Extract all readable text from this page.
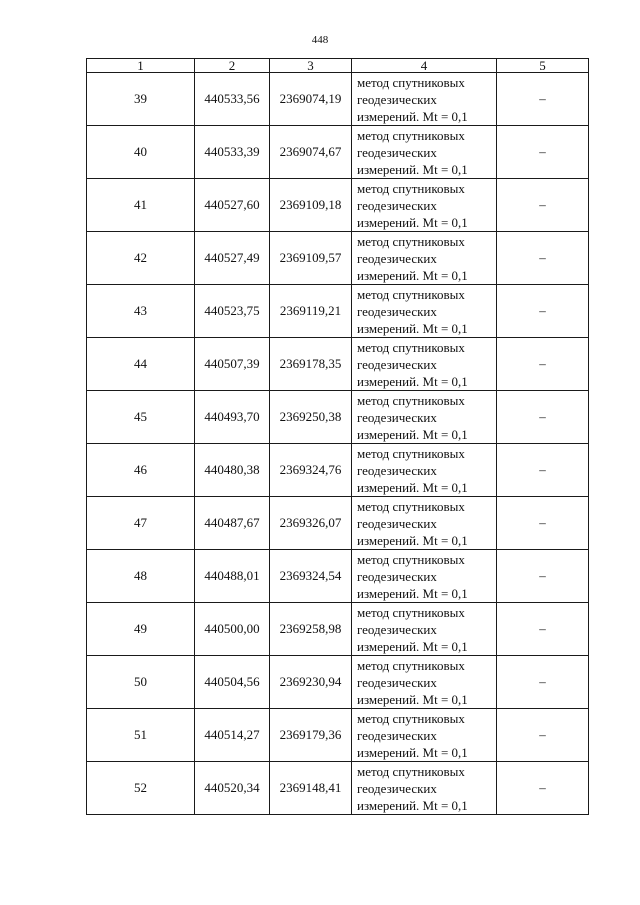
448
1	2	3	4	5
39	440533,56	2369074,19	метод спутниковых
геодезических
измерений. Mt = 0,1	–
40	440533,39	2369074,67	метод спутниковых
геодезических
измерений. Mt = 0,1	–
41	440527,60	2369109,18	метод спутниковых
геодезических
измерений. Mt = 0,1	–
42	440527,49	2369109,57	метод спутниковых
геодезических
измерений. Mt = 0,1	–
43	440523,75	2369119,21	метод спутниковых
геодезических
измерений. Mt = 0,1	–
44	440507,39	2369178,35	метод спутниковых
геодезических
измерений. Mt = 0,1	–
45	440493,70	2369250,38	метод спутниковых
геодезических
измерений. Mt = 0,1	–
46	440480,38	2369324,76	метод спутниковых
геодезических
измерений. Mt = 0,1	–
47	440487,67	2369326,07	метод спутниковых
геодезических
измерений. Mt = 0,1	–
48	440488,01	2369324,54	метод спутниковых
геодезических
измерений. Mt = 0,1	–
49	440500,00	2369258,98	метод спутниковых
геодезических
измерений. Mt = 0,1	–
50	440504,56	2369230,94	метод спутниковых
геодезических
измерений. Mt = 0,1	–
51	440514,27	2369179,36	метод спутниковых
геодезических
измерений. Mt = 0,1	–
52	440520,34	2369148,41	метод спутниковых
геодезических
измерений. Mt = 0,1	–
